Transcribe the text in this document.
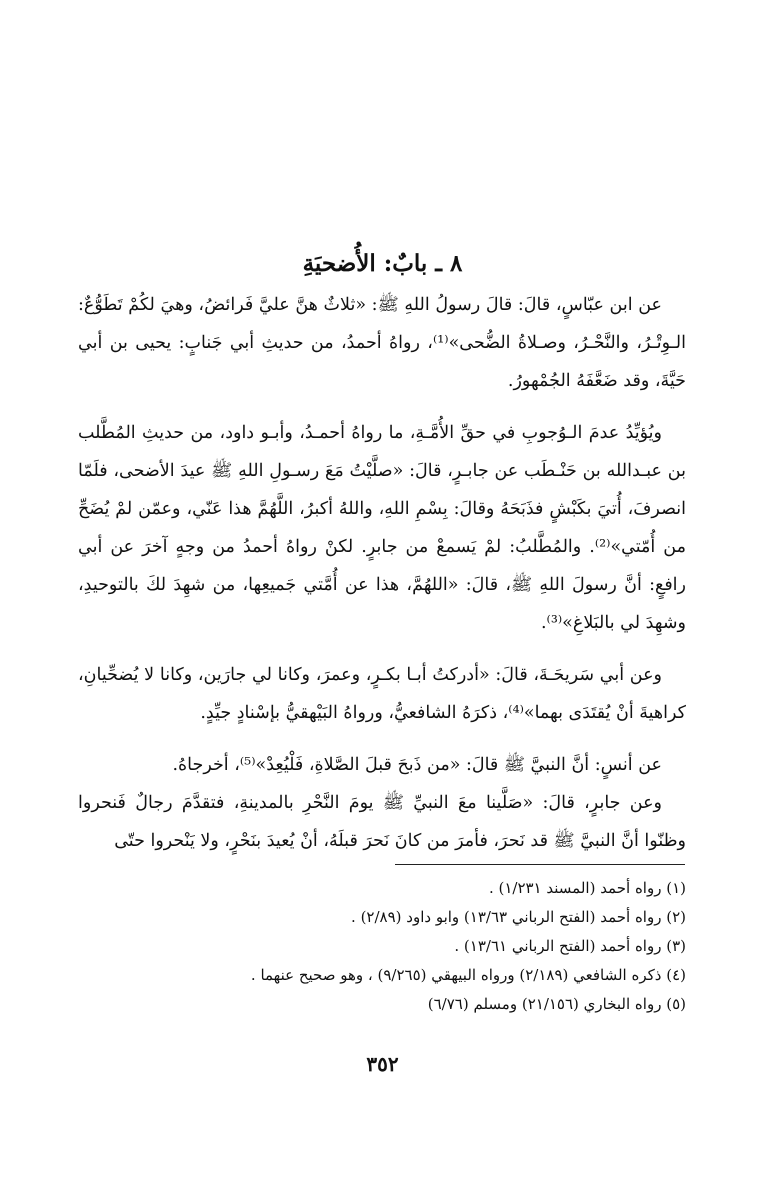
٨ ـ بابٌ: الأُضحيَةِ

عن ابن عبّاسٍ، قالَ: قالَ رسولُ اللهِ ﷺ: «ثلاثٌ هنَّ عليَّ فَرائضُ، وهيَ لكُمْ تَطَوُّعٌ: الـوِتْـرُ، والنَّحْـرُ، وصـلاةُ الضُّحى»⁽¹⁾، رواهُ أحمدُ، من حديثِ أبي جَنابٍ: يحيى بن أبي حَيَّةَ، وقد ضَعَّفَهُ الجُمْهورُ.

ويُؤيِّدُ عدمَ الـوُجوبِ في حقِّ الأُمَّـةِ، ما رواهُ أحمـدُ، وأبـو داود، من حديثِ المُطَّلب بن عبـدالله بن حَنْـطَب عن جابـرٍ، قالَ: «صلَّيْتُ مَعَ رسـولِ اللهِ ﷺ عيدَ الأضحى، فلَمّا انصرفَ، أُتيَ بكَبْشٍ فذَبَحَهُ وقالَ: بِسْمِ اللهِ، واللهُ أكبرُ، اللَّهُمَّ هذا عَنّي، وعمّن لمْ يُضَحِّ من أُمّتي»⁽²⁾. والمُطَّلبُ: لمْ يَسمعْ من جابرٍ. لكنْ رواهُ أحمدُ من وجهٍ آخرَ عن أبي رافعٍ: أنَّ رسولَ اللهِ ﷺ، قالَ: «اللهُمَّ، هذا عن أُمَّتي جَميعِها، من شهِدَ لكَ بالتوحيدِ، وشهِدَ لي بالبَلاغِ»⁽³⁾.

وعن أبي سَريحَـةَ، قالَ: «أدركتُ أبـا بكـرٍ، وعمرَ، وكانا لي جارَين، وكانا لا يُضحِّيانِ، كراهيةَ أنْ يُقتَدَى بهما»⁽⁴⁾، ذكرَهُ الشافعيُّ، ورواهُ البَيْهقيُّ بإسْنادٍ جيِّدٍ.

عن أنسٍ: أنَّ النبيَّ ﷺ قالَ: «من ذَبحَ قبلَ الصَّلاةِ، فَلْيُعِدْ»⁽⁵⁾، أخرجاهُ.

وعن جابرٍ، قالَ: «صَلَّينا معَ النبيِّ ﷺ يومَ النَّحْرِ بالمدينةِ، فتقدَّمَ رجالٌ فَنحروا وظنّوا أنَّ النبيَّ ﷺ قد نَحرَ، فأمرَ من كانَ نَحرَ قبلَهُ، أنْ يُعيدَ بنَحْرٍ، ولا يَنْحروا حتّى

(١) رواه أحمد (المسند ١/٢٣١) .
(٢) رواه أحمد (الفتح الرباني ١٣/٦٣) وابو داود (٢/٨٩) .
(٣) رواه أحمد (الفتح الرباني ١٣/٦١) .
(٤) ذكره الشافعي (٢/١٨٩) ورواه البيهقي (٩/٢٦٥) ، وهو صحيح عنهما .
(٥) رواه البخاري (٢١/١٥٦) ومسلم (٦/٧٦)
٣٥٢
